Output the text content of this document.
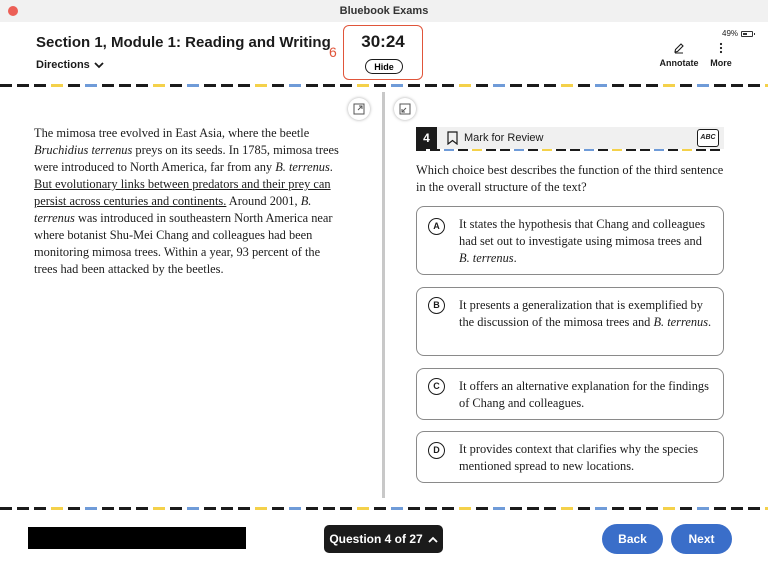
Bluebook Exams
Section 1, Module 1: Reading and Writing
Directions
6
30:24
Hide
49%
Annotate	More
The mimosa tree evolved in East Asia, where the beetle Bruchidius terrenus preys on its seeds. In 1785, mimosa trees were introduced to North America, far from any B. terrenus. But evolutionary links between predators and their prey can persist across centuries and continents. Around 2001, B. terrenus was introduced in southeastern North America near where botanist Shu-Mei Chang and colleagues had been monitoring mimosa trees. Within a year, 93 percent of the trees had been attacked by the beetles.
4	Mark for Review	ABC
Which choice best describes the function of the third sentence in the overall structure of the text?
A	It states the hypothesis that Chang and colleagues had set out to investigate using mimosa trees and B. terrenus.
B	It presents a generalization that is exemplified by the discussion of the mimosa trees and B. terrenus.
C	It offers an alternative explanation for the findings of Chang and colleagues.
D	It provides context that clarifies why the species mentioned spread to new locations.
Question 4 of 27	Back	Next
